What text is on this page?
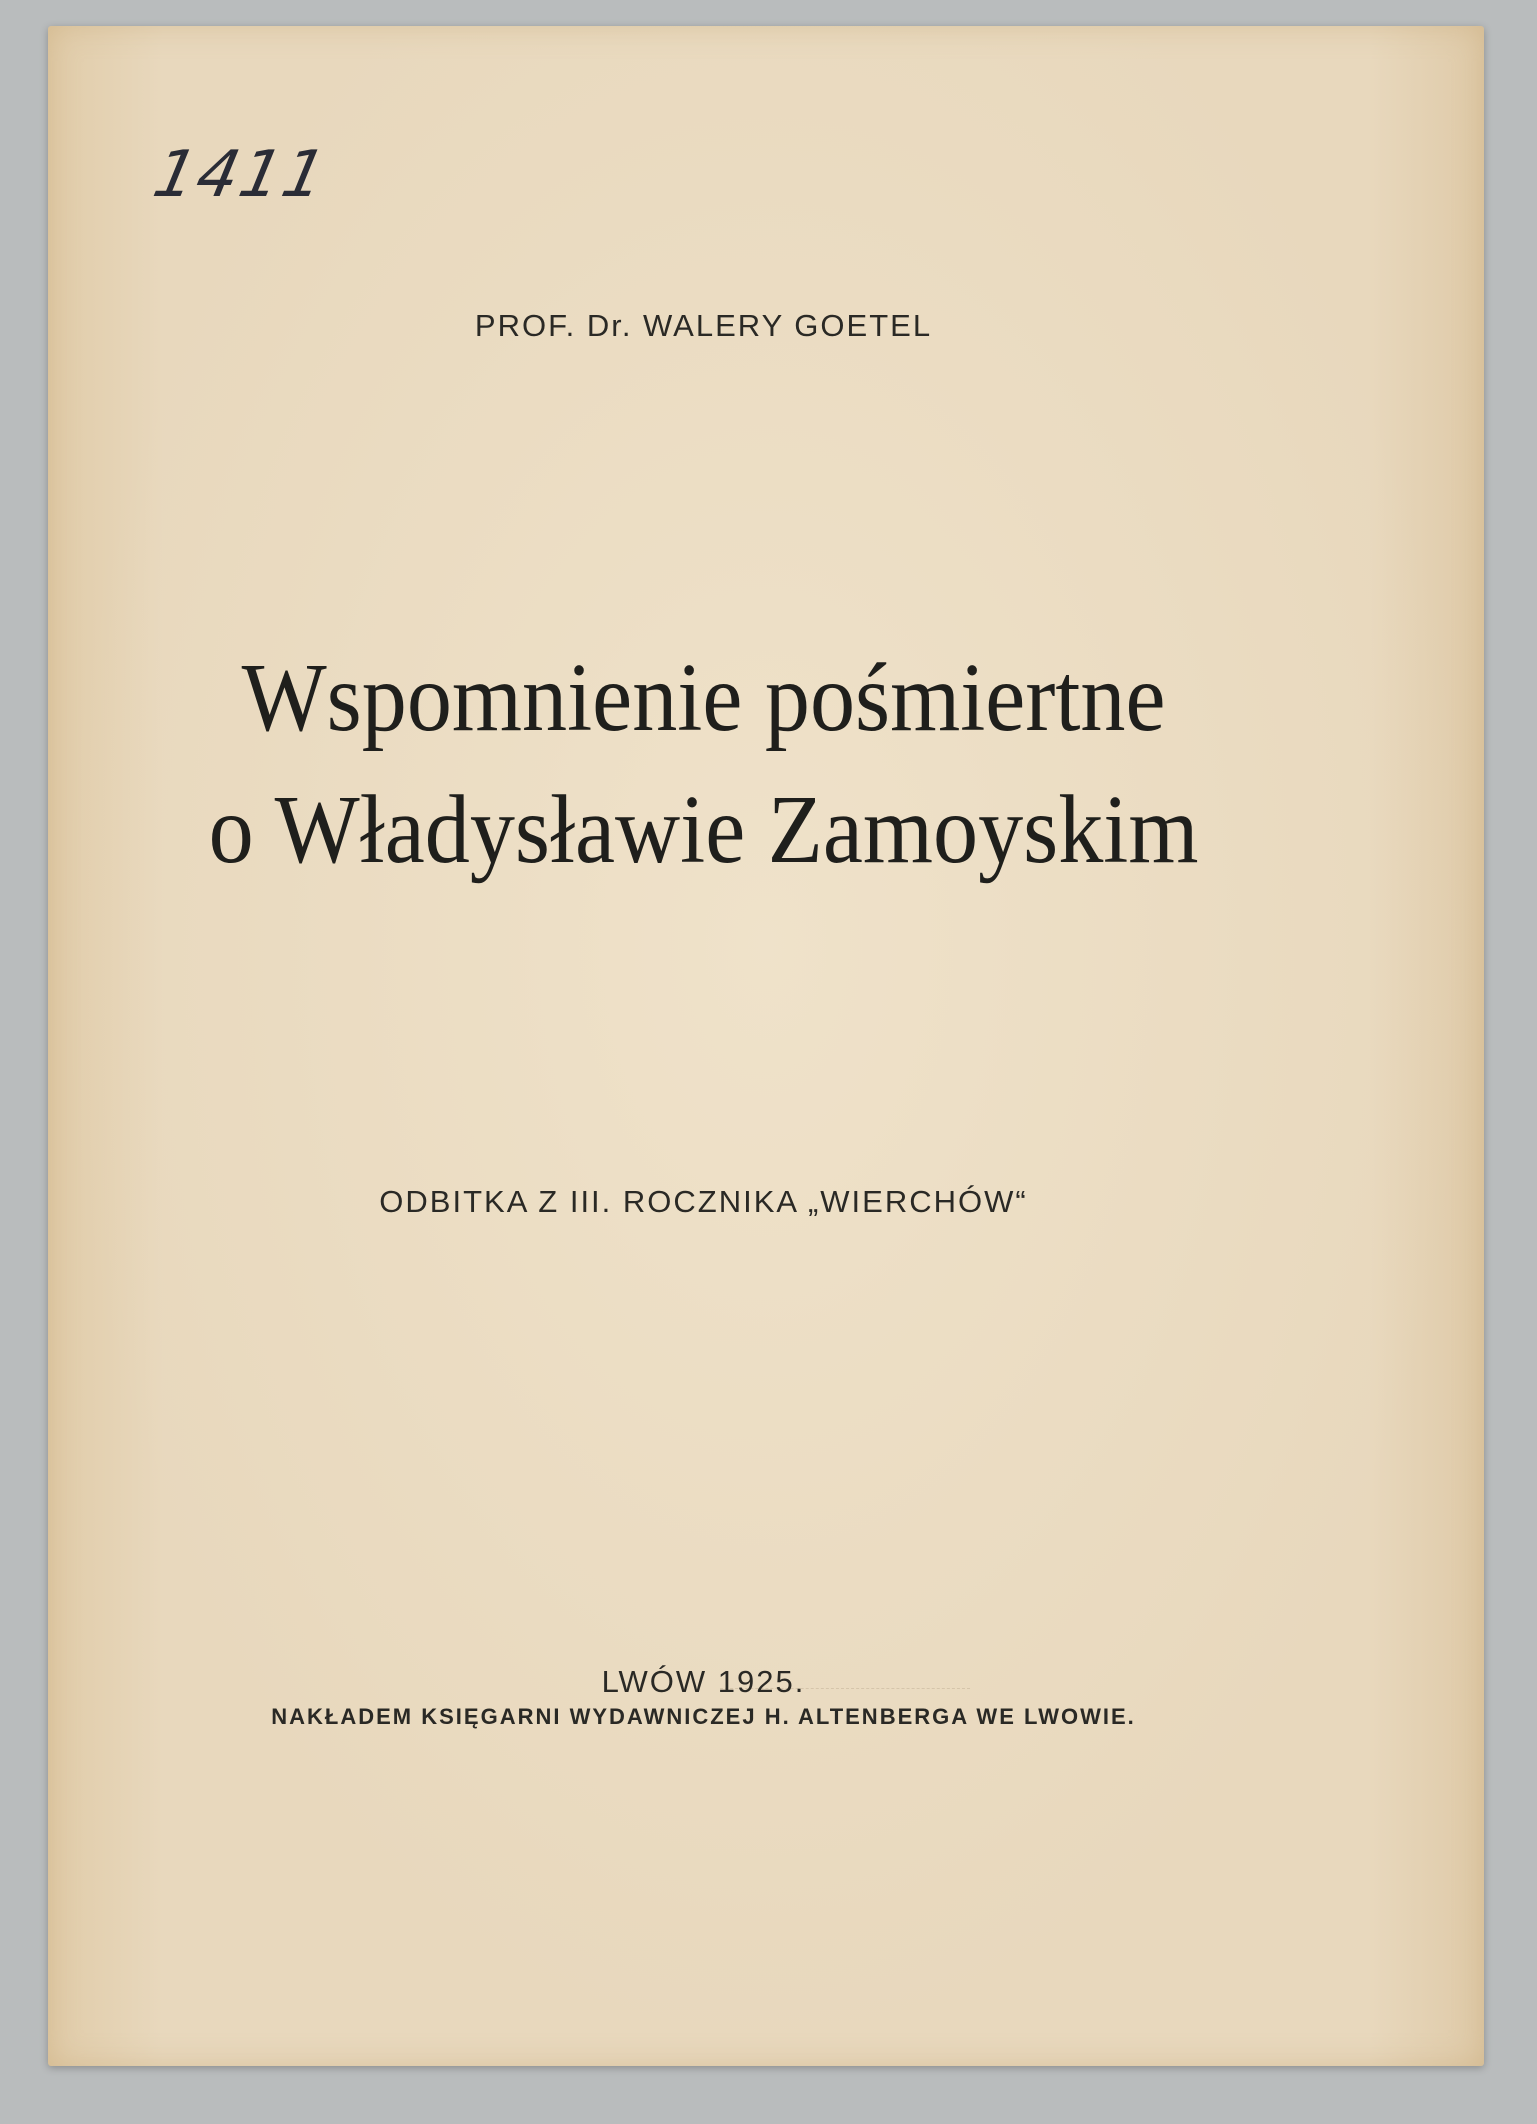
1411
PROF. Dr. WALERY GOETEL
Wspomnienie pośmiertne
o Władysławie Zamoyskim
ODBITKA Z III. ROCZNIKA „WIERCHÓW“
LWÓW 1925.
NAKŁADEM KSIĘGARNI WYDAWNICZEJ H. ALTENBERGA WE LWOWIE.
